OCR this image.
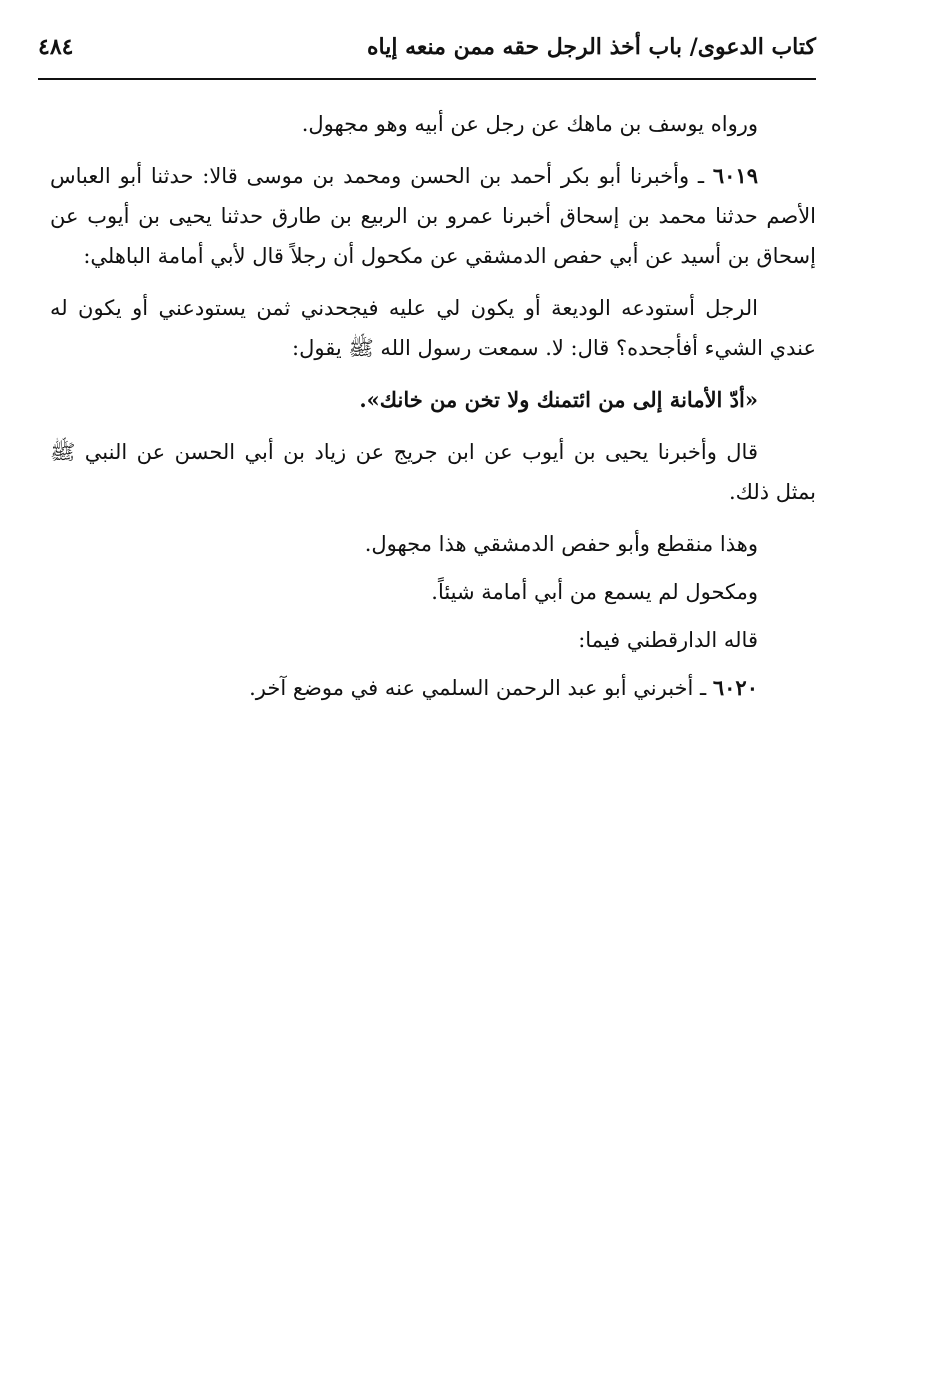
كتاب الدعوى/ باب أخذ الرجل حقه ممن منعه إياه
٤٨٤

ورواه يوسف بن ماهك عن رجل عن أبيه وهو مجهول.

٦٠١٩ ـ وأخبرنا أبو بكر أحمد بن الحسن ومحمد بن موسى قالا: حدثنا أبو العباس الأصم حدثنا محمد بن إسحاق أخبرنا عمرو بن الربيع بن طارق حدثنا يحيى بن أيوب عن إسحاق بن أسيد عن أبي حفص الدمشقي عن مكحول أن رجلاً قال لأبي أمامة الباهلي:

الرجل أستودعه الوديعة أو يكون لي عليه فيجحدني ثمن يستودعني أو يكون له عندي الشيء أفأجحده؟ قال: لا. سمعت رسول الله ﷺ يقول:

«أدّ الأمانة إلى من ائتمنك ولا تخن من خانك».

قال وأخبرنا يحيى بن أيوب عن ابن جريج عن زياد بن أبي الحسن عن النبي ﷺ بمثل ذلك.

وهذا منقطع وأبو حفص الدمشقي هذا مجهول.

ومكحول لم يسمع من أبي أمامة شيئاً.

قاله الدارقطني فيما:

٦٠٢٠ ـ أخبرني أبو عبد الرحمن السلمي عنه في موضع آخر.
